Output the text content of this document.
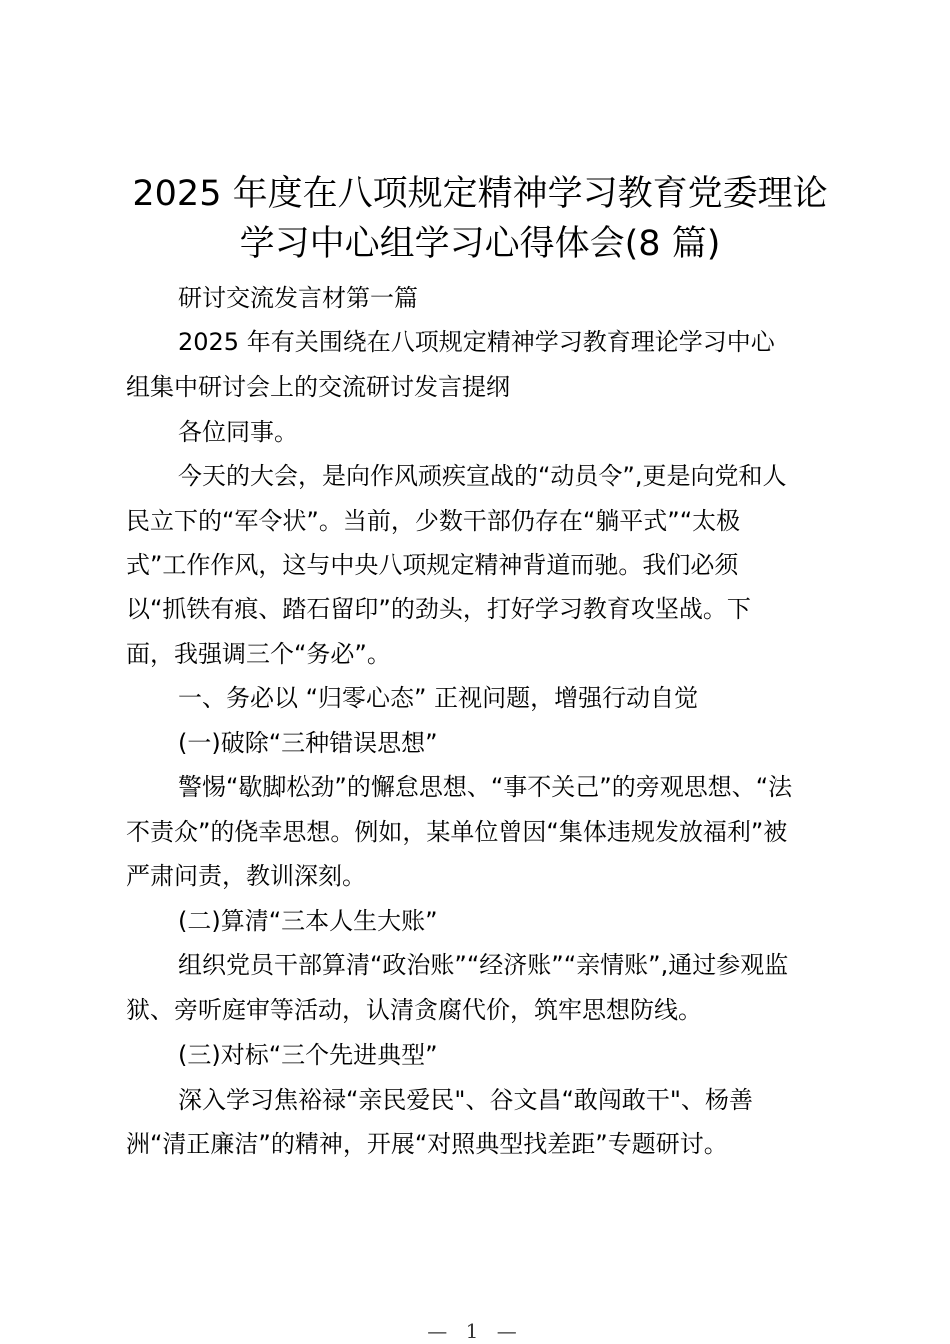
2025 年度在八项规定精神学习教育党委理论
学习中心组学习心得体会(8 篇)
研讨交流发言材第一篇
2025 年有关围绕在八项规定精神学习教育理论学习中心
组集中研讨会上的交流研讨发言提纲
各位同事。
今天的大会，是向作风顽疾宣战的“动员令”,更是向党和人
民立下的“军令状”。当前，少数干部仍存在“躺平式”“太极
式”工作作风，这与中央八项规定精神背道而驰。我们必须
以“抓铁有痕、踏石留印”的劲头，打好学习教育攻坚战。下
面，我强调三个“务必”。
一、务必以 “归零心态” 正视问题，增强行动自觉
(一)破除“三种错误思想”
警惕“歇脚松劲”的懈怠思想、“事不关己”的旁观思想、“法
不责众”的侥幸思想。例如，某单位曾因“集体违规发放福利”被
严肃问责，教训深刻。
(二)算清“三本人生大账”
组织党员干部算清“政治账”“经济账”“亲情账”,通过参观监
狱、旁听庭审等活动，认清贪腐代价，筑牢思想防线。
(三)对标“三个先进典型”
深入学习焦裕禄“亲民爱民"、谷文昌“敢闯敢干"、杨善
洲“清正廉洁”的精神，开展“对照典型找差距”专题研讨。
— 1 —
